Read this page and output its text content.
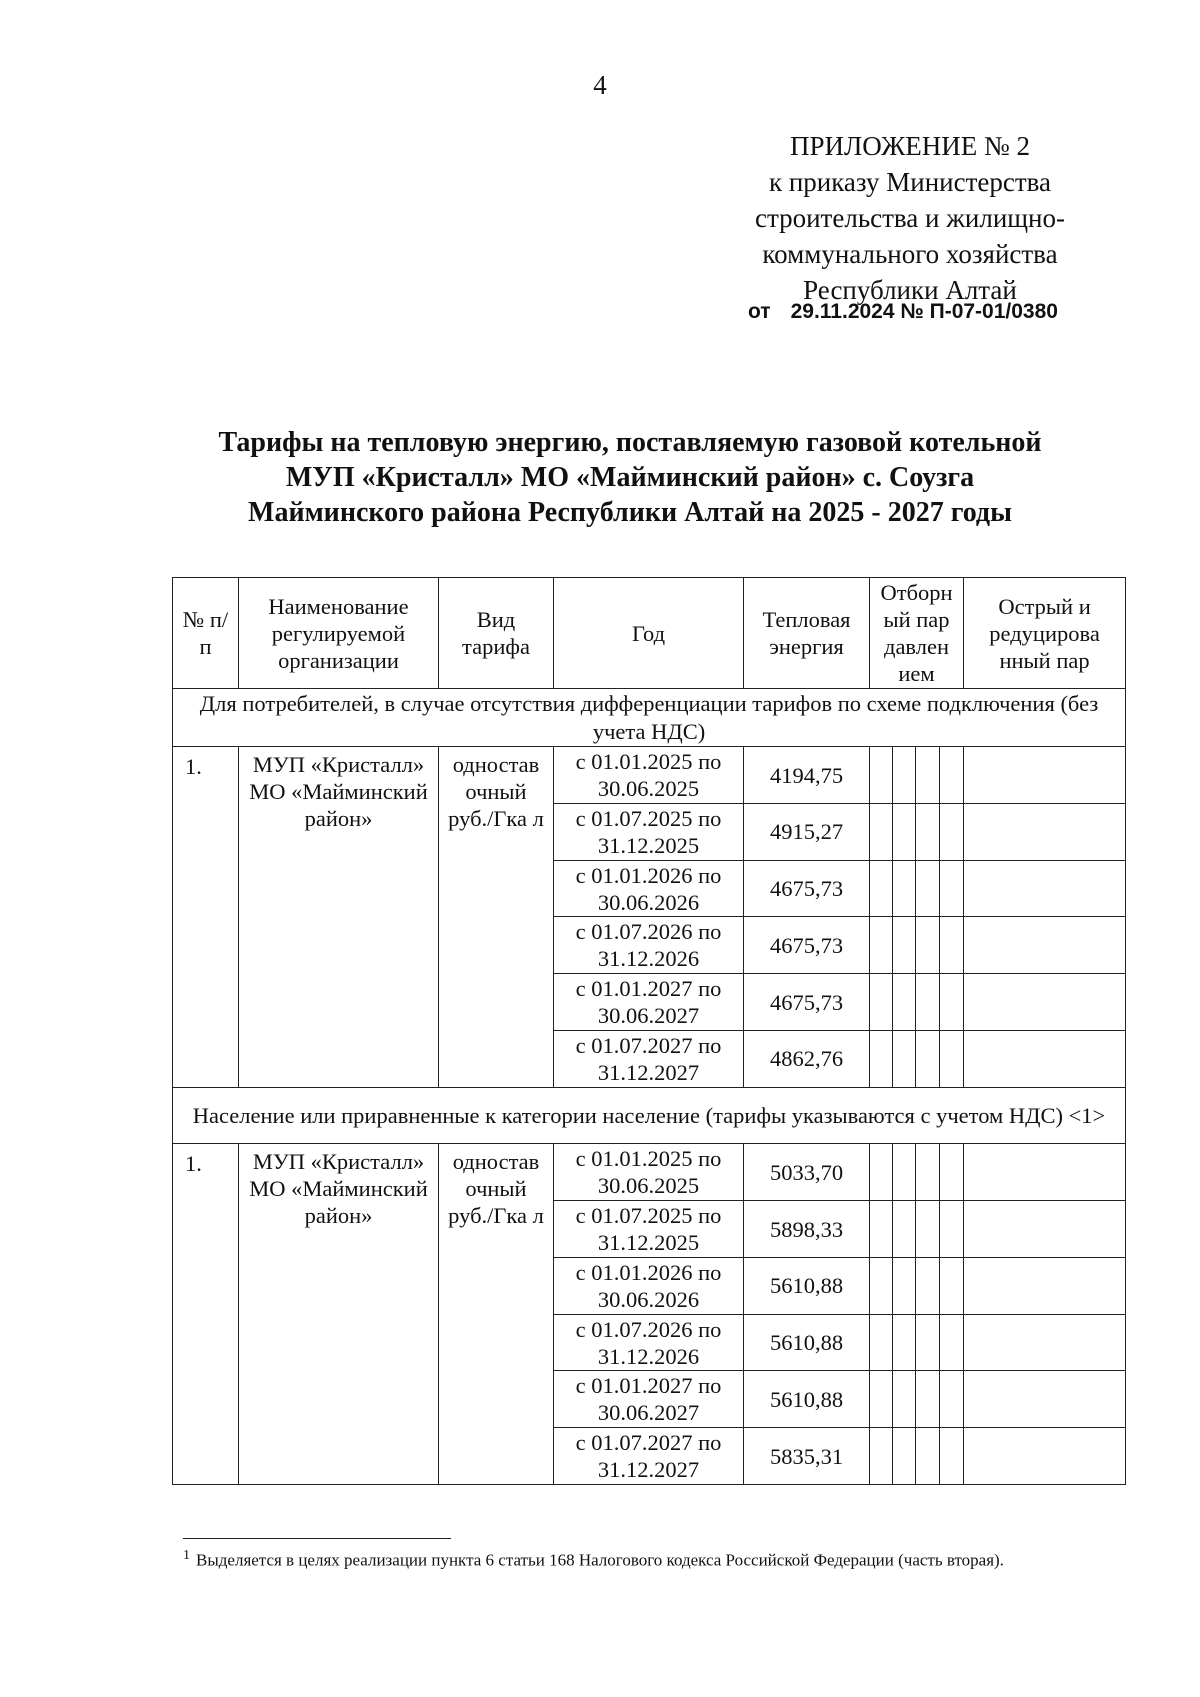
4
ПРИЛОЖЕНИЕ № 2
к приказу Министерства
строительства и жилищно-
коммунального хозяйства
Республики Алтай
от 29.11.2024 № П-07-01/0380
Тарифы на тепловую энергию, поставляемую газовой котельной
МУП «Кристалл» МО «Майминский район» с. Соузга
Майминского района Республики Алтай на 2025 - 2027 годы
№ п/п	Наименование регулируемой организации	Вид тарифа	Год	Тепловая энергия	Отборн ый пар давлен ием				Острый и редуцирова нный пар
Для потребителей, в случае отсутствия дифференциации тарифов по схеме подключения (без учета НДС)									
1.	МУП «Кристалл» МО «Майминский район»	одностав очный руб./Гка л	с 01.01.2025 по 30.06.2025	4194,75					
			с 01.07.2025 по 31.12.2025	4915,27					
			с 01.01.2026 по 30.06.2026	4675,73					
			с 01.07.2026 по 31.12.2026	4675,73					
			с 01.01.2027 по 30.06.2027	4675,73					
			с 01.07.2027 по 31.12.2027	4862,76					
Население или приравненные к категории население (тарифы указываются с учетом НДС) <1>									
1.	МУП «Кристалл» МО «Майминский район»	одностав очный руб./Гка л	с 01.01.2025 по 30.06.2025	5033,70					
			с 01.07.2025 по 31.12.2025	5898,33					
			с 01.01.2026 по 30.06.2026	5610,88					
			с 01.07.2026 по 31.12.2026	5610,88					
			с 01.01.2027 по 30.06.2027	5610,88					
			с 01.07.2027 по 31.12.2027	5835,31					
$^1$ Выделяется в целях реализации пункта 6 статьи 168 Налогового кодекса Российской Федерации (часть вторая).
